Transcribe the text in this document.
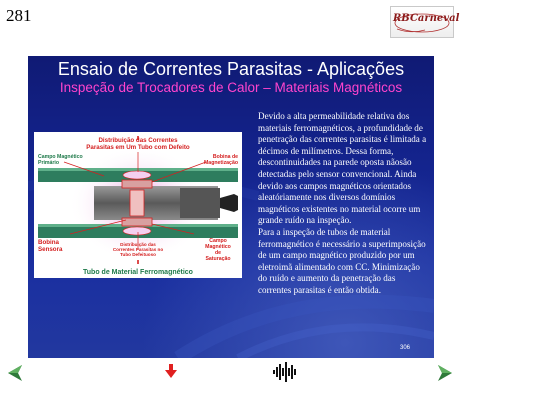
281	RBCarneval
Ensaio de Correntes Parasitas - Aplicações
Inspeção de Trocadores de Calor – Materiais Magnéticos
Distribuição das Correntes
Parasitas em Um Tubo com Defeito
Campo Magnético
Primário
Bobina de
Magnetização
Bobina
Sensora
Distribuição das
Correntes Parasitas no
Tubo Defeituoso
Campo
Magnético
de
Saturação
Tubo de Material Ferromagnético

Devido a alta permeabilidade relativa dos materiais ferromagnéticos, a profundidade de penetração das correntes parasitas é limitada a décimos de milímetros. Dessa forma, descontinuidades na parede oposta nãosão detectadas pelo sensor convencional. Ainda devido aos campos magnéticos orientados aleatóriamente nos diversos domínios magnéticos existentes no material ocorre um grande ruído na inspeção.

Para a inspeção de tubos de material ferromagnético é necessário a superimposição de um campo magnético produzido por um eletroimã alimentado com CC. Minimização do ruído e aumento da penetração das correntes parasitas é então obtida.

306
